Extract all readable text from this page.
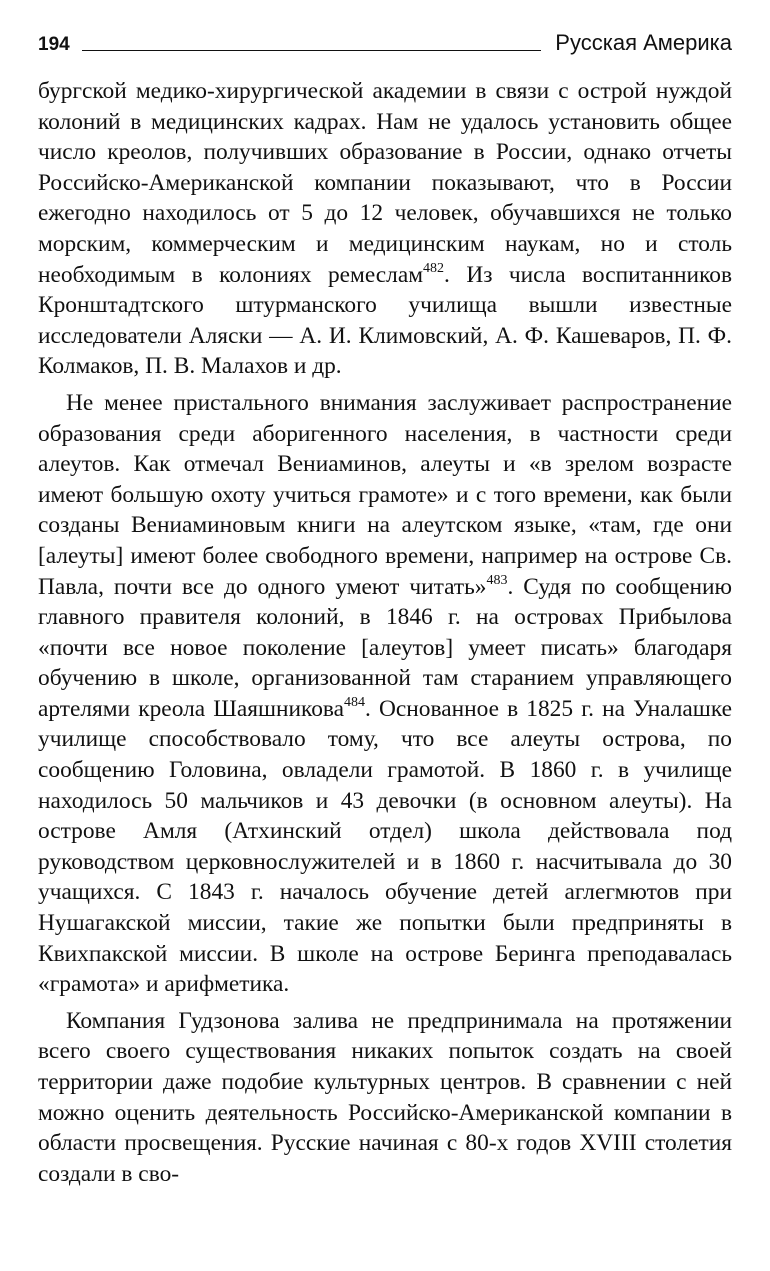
194	Русская Америка

бургской медико-хирургической академии в связи с острой нуждой колоний в медицинских кадрах. Нам не удалось установить общее число креолов, получивших образование в России, однако отчеты Российско-Американской компании показывают, что в России ежегодно находилось от 5 до 12 человек, обучавшихся не только морским, коммерческим и медицинским наукам, но и столь необходимым в колониях ремеслам$^{482}$. Из числа воспитанников Кронштадтского штурманского училища вышли известные исследователи Аляски — А. И. Климовский, А. Ф. Кашеваров, П. Ф. Колмаков, П. В. Малахов и др.

Не менее пристального внимания заслуживает распространение образования среди аборигенного населения, в частности среди алеутов. Как отмечал Вениаминов, алеуты и «в зрелом возрасте имеют большую охоту учиться грамоте» и с того времени, как были созданы Вениаминовым книги на алеутском языке, «там, где они [алеуты] имеют более свободного времени, например на острове Св. Павла, почти все до одного умеют читать»$^{483}$. Судя по сообщению главного правителя колоний, в 1846 г. на островах Прибылова «почти все новое поколение [алеутов] умеет писать» благодаря обучению в школе, организованной там старанием управляющего артелями креола Шаяшникова$^{484}$. Основанное в 1825 г. на Уналашке училище способствовало тому, что все алеуты острова, по сообщению Головина, овладели грамотой. В 1860 г. в училище находилось 50 мальчиков и 43 девочки (в основном алеуты). На острове Амля (Атхинский отдел) школа действовала под руководством церковнослужителей и в 1860 г. насчитывала до 30 учащихся. С 1843 г. началось обучение детей аглегмютов при Нушагакской миссии, такие же попытки были предприняты в Квихпакской миссии. В школе на острове Беринга преподавалась «грамота» и арифметика.

Компания Гудзонова залива не предпринимала на протяжении всего своего существования никаких попыток создать на своей территории даже подобие культурных центров. В сравнении с ней можно оценить деятельность Российско-Американской компании в области просвещения. Русские начиная с 80-х годов XVIII столетия создали в сво-
